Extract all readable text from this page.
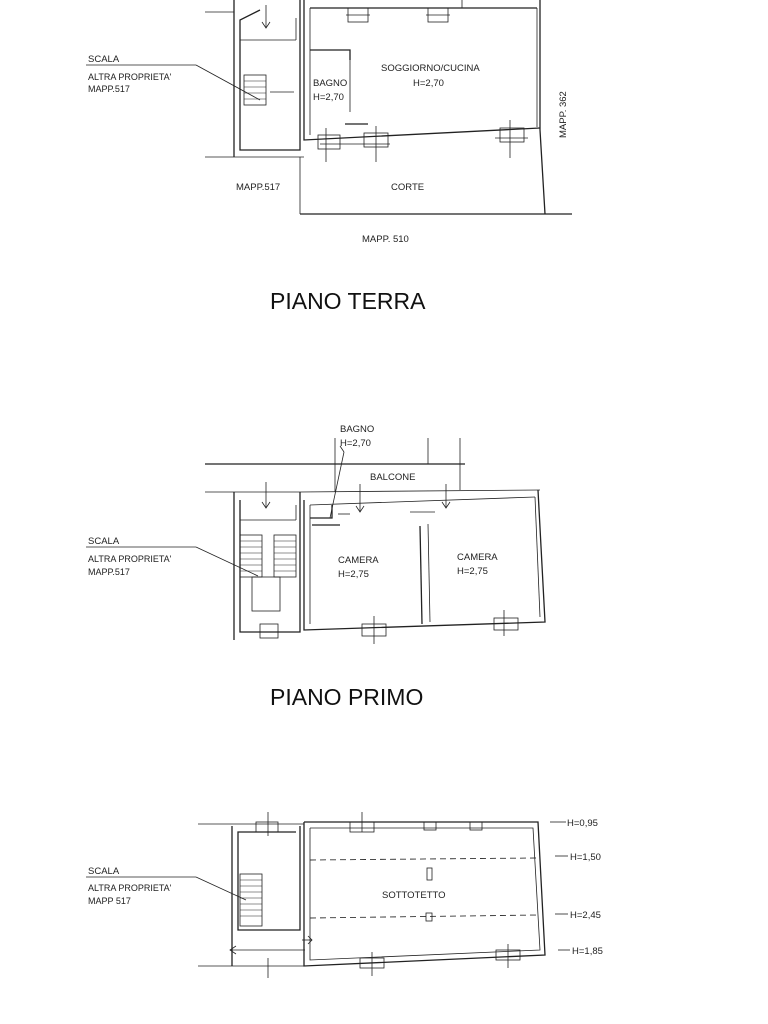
SCALA
ALTRA PROPRIETA'
MAPP.517	BAGNO
H=2,70
SOGGIORNO/CUCINA
H=2,70
MAPP.517	CORTE
MAPP. 362
MAPP. 510
PIANO TERRA
BAGNO
H=2,70
BALCONE
SCALA
ALTRA PROPRIETA'
MAPP.517
CAMERA
H=2,75
CAMERA
H=2,75
PIANO PRIMO
SCALA
ALTRA PROPRIETA'
MAPP 517	SOTTOTETTO
H=0,95
H=1,50
H=2,45
H=1,85
